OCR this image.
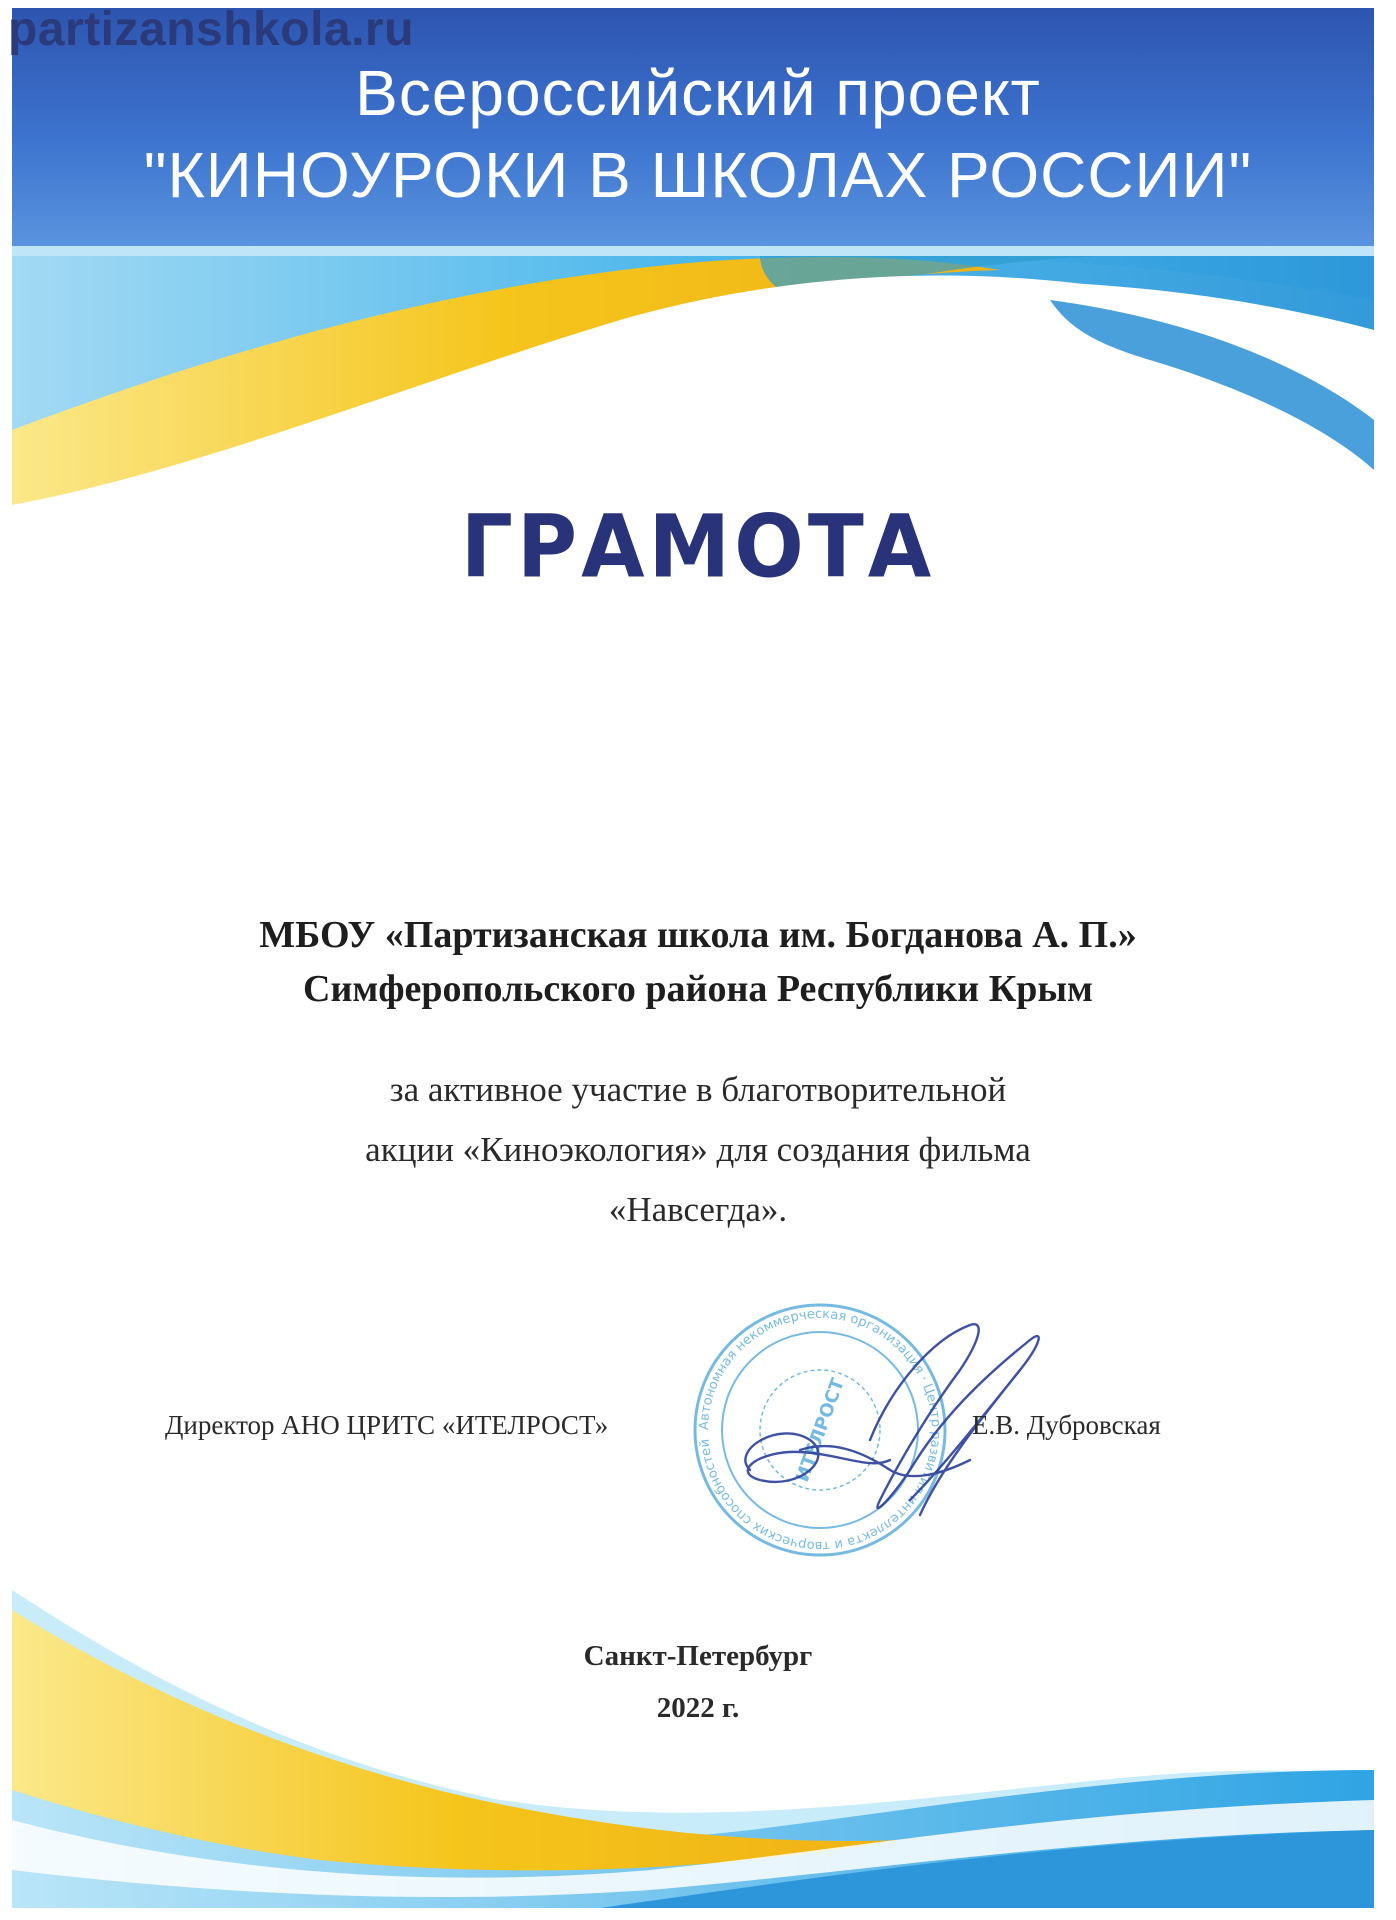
partizanshkola.ru
Всероссийский проект
"КИНОУРОКИ В ШКОЛАХ РОССИИ"
ГРАМОТА
МБОУ «Партизанская школа им. Богданова А. П.»
Симферопольского района Республики Крым
за активное участие в благотворительной
акции «Киноэкология» для создания фильма
«Навсегда».
Автономная некоммерческая организация · Центр развития интеллекта и творческих способностей	ИТЕЛРОСТ
Директор АНО ЦРИТС «ИТЕЛРОСТ»	Е.В. Дубровская
Санкт-Петербург
2022 г.
